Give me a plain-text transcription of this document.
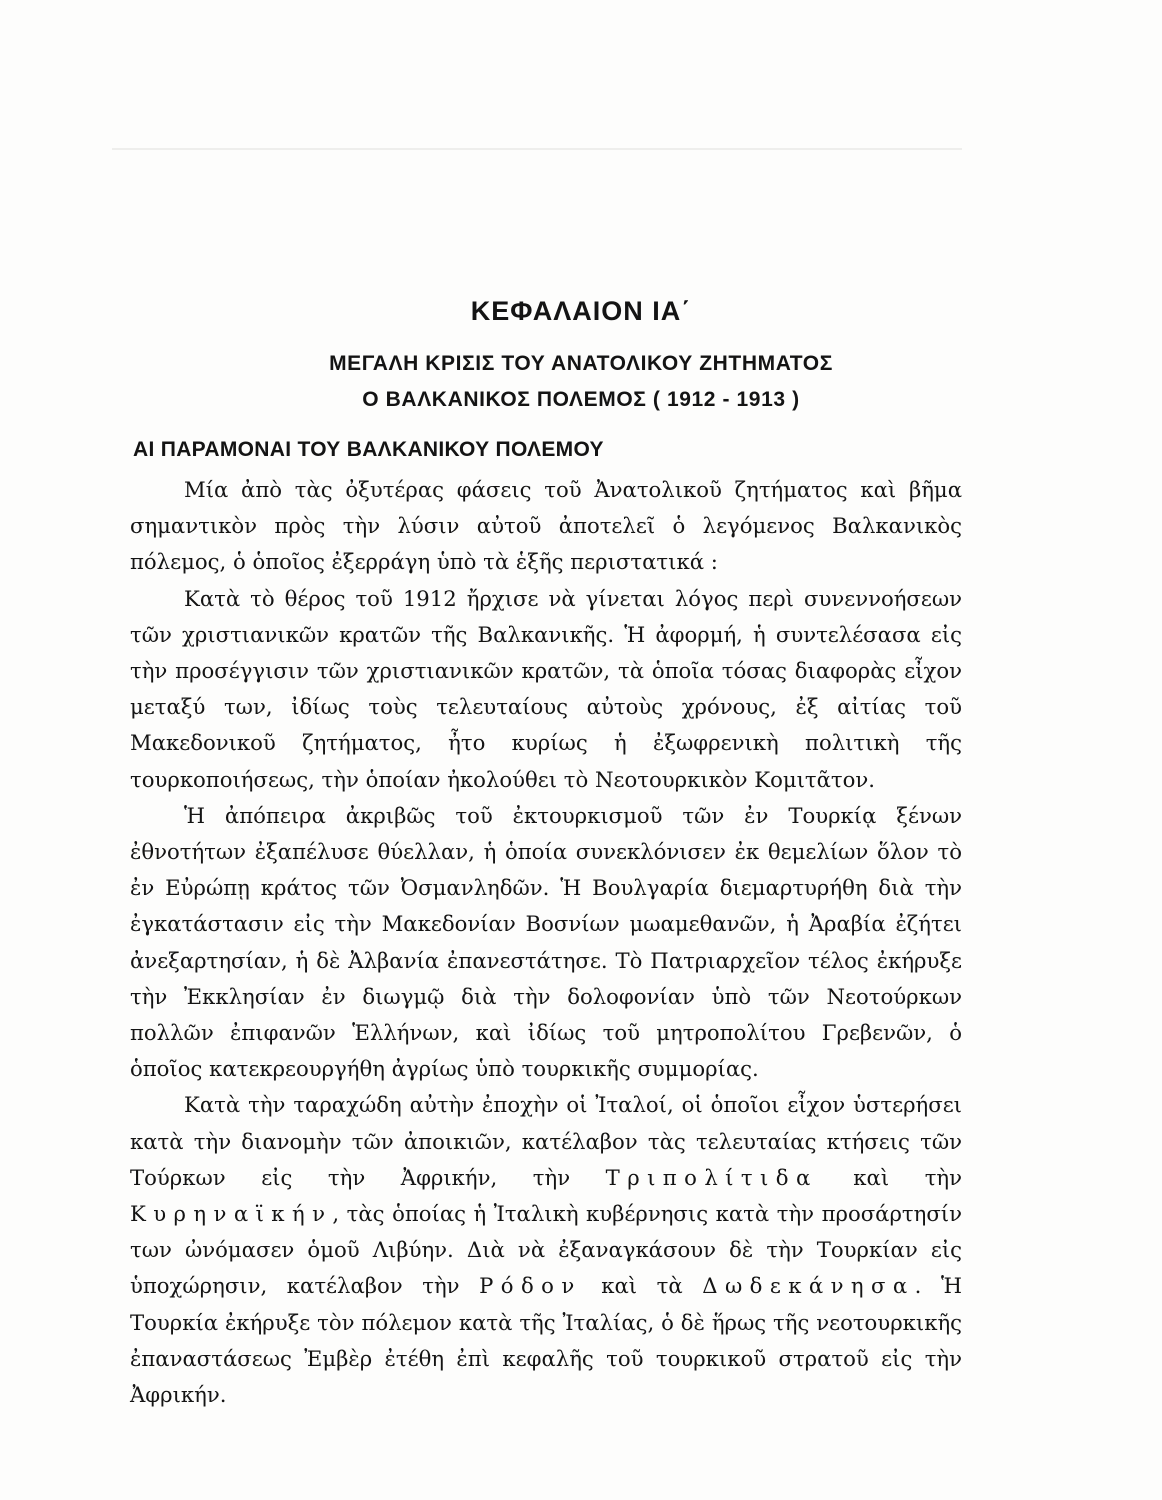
ΚΕΦΑΛΑΙΟΝ ΙΑ΄
ΜΕΓΑΛΗ ΚΡΙΣΙΣ ΤΟΥ ΑΝΑΤΟΛΙΚΟΥ ΖΗΤΗΜΑΤΟΣ
Ο ΒΑΛΚΑΝΙΚΟΣ ΠΟΛΕΜΟΣ ( 1912 - 1913 )
ΑΙ ΠΑΡΑΜΟΝΑΙ ΤΟΥ ΒΑΛΚΑΝΙΚΟΥ ΠΟΛΕΜΟΥ

Μία ἀπὸ τὰς ὀξυτέρας φάσεις τοῦ Ἀνατολικοῦ ζητήματος καὶ βῆμα σημαντικὸν πρὸς τὴν λύσιν αὐτοῦ ἀποτελεῖ ὁ λεγόμενος Βαλκανικὸς πόλεμος, ὁ ὁποῖος ἐξερράγη ὑπὸ τὰ ἑξῆς περιστατικά :

Κατὰ τὸ θέρος τοῦ 1912 ἤρχισε νὰ γίνεται λόγος περὶ συνεννοήσεων τῶν χριστιανικῶν κρατῶν τῆς Βαλκανικῆς. Ἡ ἀφορμή, ἡ συντελέσασα εἰς τὴν προσέγγισιν τῶν χριστιανικῶν κρατῶν, τὰ ὁποῖα τόσας διαφορὰς εἶχον μεταξύ των, ἰδίως τοὺς τελευταίους αὐτοὺς χρόνους, ἐξ αἰτίας τοῦ Μακεδονικοῦ ζητήματος, ἦτο κυρίως ἡ ἐξωφρενικὴ πολιτικὴ τῆς τουρκοποιήσεως, τὴν ὁποίαν ἠκολούθει τὸ Νεοτουρκικὸν Κομιτᾶτον.

Ἡ ἀπόπειρα ἀκριβῶς τοῦ ἐκτουρκισμοῦ τῶν ἐν Τουρκίᾳ ξένων ἐθνοτήτων ἐξαπέλυσε θύελλαν, ἡ ὁποία συνεκλόνισεν ἐκ θεμελίων ὅλον τὸ ἐν Εὐρώπῃ κράτος τῶν Ὀσμανληδῶν. Ἡ Βουλγαρία διεμαρτυρήθη διὰ τὴν ἐγκατάστασιν εἰς τὴν Μακεδονίαν Βοσνίων μωαμεθανῶν, ἡ Ἀραβία ἐζήτει ἀνεξαρτησίαν, ἡ δὲ Ἀλβανία ἐπανεστάτησε. Τὸ Πατριαρχεῖον τέλος ἐκήρυξε τὴν Ἐκκλησίαν ἐν διωγμῷ διὰ τὴν δολοφονίαν ὑπὸ τῶν Νεοτούρκων πολλῶν ἐπιφανῶν Ἑλλήνων, καὶ ἰδίως τοῦ μητροπολίτου Γρεβενῶν, ὁ ὁποῖος κατεκρεουργήθη ἀγρίως ὑπὸ τουρκικῆς συμμορίας.

Κατὰ τὴν ταραχώδη αὐτὴν ἐποχὴν οἱ Ἰταλοί, οἱ ὁποῖοι εἶχον ὑστερήσει κατὰ τὴν διανομὴν τῶν ἀποικιῶν, κατέλαβον τὰς τελευταίας κτήσεις τῶν Τούρκων εἰς τὴν Ἀφρικήν, τὴν Τριπολίτιδα καὶ τὴν Κυρηναϊκήν, τὰς ὁποίας ἡ Ἰταλικὴ κυβέρνησις κατὰ τὴν προσάρτησίν των ὠνόμασεν ὁμοῦ Λιβύην. Διὰ νὰ ἐξαναγκάσουν δὲ τὴν Τουρκίαν εἰς ὑποχώρησιν, κατέλαβον τὴν Ρόδον καὶ τὰ Δωδεκάνησα. Ἡ Τουρκία ἐκήρυξε τὸν πόλεμον κατὰ τῆς Ἰταλίας, ὁ δὲ ἥρως τῆς νεοτουρκικῆς ἐπαναστάσεως Ἐμβὲρ ἐτέθη ἐπὶ κεφαλῆς τοῦ τουρκικοῦ στρατοῦ εἰς τὴν Ἀφρικήν.
